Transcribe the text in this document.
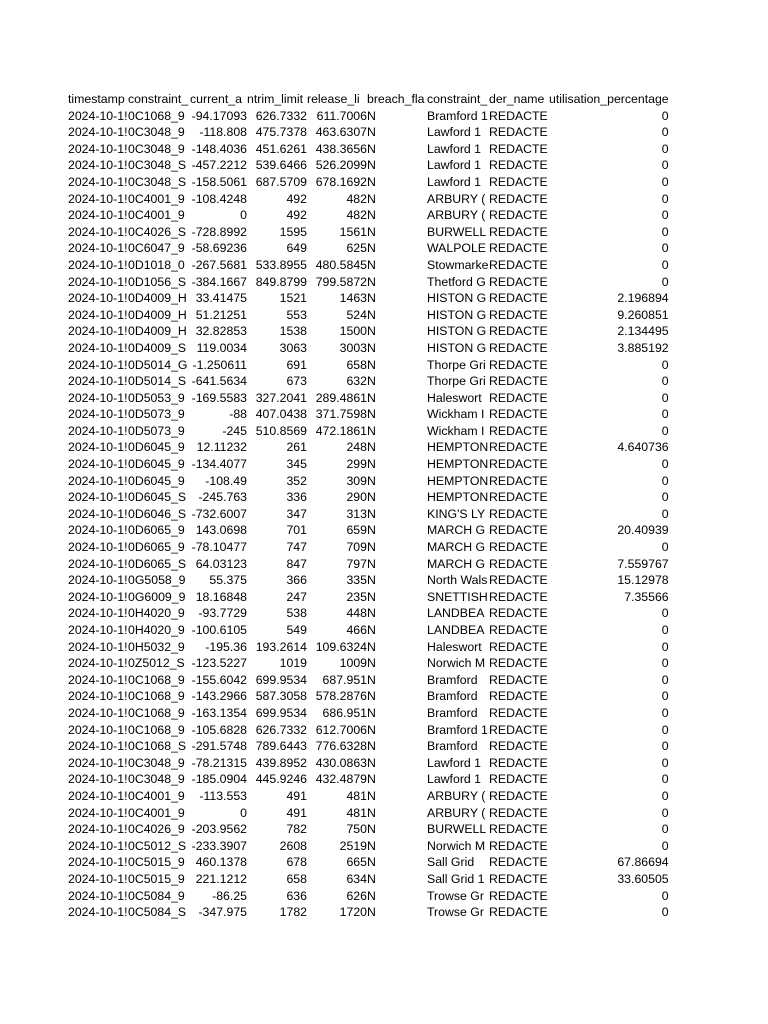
timestamp	constraint_	current_a	ntrim_limit	release_li	breach_fla	constraint_	der_name	utilisation_percentage
2024-10-1!	0C1068_9	-94.17093	626.7332	611.7006	N	Bramford 1	REDACTE	0
2024-10-1!	0C3048_9	-118.808	475.7378	463.6307	N	Lawford 1	REDACTE	0
2024-10-1!	0C3048_9	-148.4036	451.6261	438.3656	N	Lawford 1	REDACTE	0
2024-10-1!	0C3048_S	-457.2212	539.6466	526.2099	N	Lawford 1	REDACTE	0
2024-10-1!	0C3048_S	-158.5061	687.5709	678.1692	N	Lawford 1	REDACTE	0
2024-10-1!	0C4001_9	-108.4248	492	482	N	ARBURY (	REDACTE	0
2024-10-1!	0C4001_9	0	492	482	N	ARBURY (	REDACTE	0
2024-10-1!	0C4026_S	-728.8992	1595	1561	N	BURWELL	REDACTE	0
2024-10-1!	0C6047_9	-58.69236	649	625	N	WALPOLE	REDACTE	0
2024-10-1!	0D1018_0	-267.5681	533.8955	480.5845	N	Stowmarke	REDACTE	0
2024-10-1!	0D1056_S	-384.1667	849.8799	799.5872	N	Thetford G	REDACTE	0
2024-10-1!	0D4009_H	33.41475	1521	1463	N	HISTON G	REDACTE	2.196894
2024-10-1!	0D4009_H	51.21251	553	524	N	HISTON G	REDACTE	9.260851
2024-10-1!	0D4009_H	32.82853	1538	1500	N	HISTON G	REDACTE	2.134495
2024-10-1!	0D4009_S	119.0034	3063	3003	N	HISTON G	REDACTE	3.885192
2024-10-1!	0D5014_G	-1.250611	691	658	N	Thorpe Gri	REDACTE	0
2024-10-1!	0D5014_S	-641.5634	673	632	N	Thorpe Gri	REDACTE	0
2024-10-1!	0D5053_9	-169.5583	327.2041	289.4861	N	Haleswort	REDACTE	0
2024-10-1!	0D5073_9	-88	407.0438	371.7598	N	Wickham I	REDACTE	0
2024-10-1!	0D5073_9	-245	510.8569	472.1861	N	Wickham I	REDACTE	0
2024-10-1!	0D6045_9	12.11232	261	248	N	HEMPTON	REDACTE	4.640736
2024-10-1!	0D6045_9	-134.4077	345	299	N	HEMPTON	REDACTE	0
2024-10-1!	0D6045_9	-108.49	352	309	N	HEMPTON	REDACTE	0
2024-10-1!	0D6045_S	-245.763	336	290	N	HEMPTON	REDACTE	0
2024-10-1!	0D6046_S	-732.6007	347	313	N	KING'S LY	REDACTE	0
2024-10-1!	0D6065_9	143.0698	701	659	N	MARCH G	REDACTE	20.40939
2024-10-1!	0D6065_9	-78.10477	747	709	N	MARCH G	REDACTE	0
2024-10-1!	0D6065_S	64.03123	847	797	N	MARCH G	REDACTE	7.559767
2024-10-1!	0G5058_9	55.375	366	335	N	North Wals	REDACTE	15.12978
2024-10-1!	0G6009_9	18.16848	247	235	N	SNETTISH	REDACTE	7.35566
2024-10-1!	0H4020_9	-93.7729	538	448	N	LANDBEA	REDACTE	0
2024-10-1!	0H4020_9	-100.6105	549	466	N	LANDBEA	REDACTE	0
2024-10-1!	0H5032_9	-195.36	193.2614	109.6324	N	Haleswort	REDACTE	0
2024-10-1!	0Z5012_S	-123.5227	1019	1009	N	Norwich M	REDACTE	0
2024-10-1!	0C1068_9	-155.6042	699.9534	687.951	N	Bramford	REDACTE	0
2024-10-1!	0C1068_9	-143.2966	587.3058	578.2876	N	Bramford	REDACTE	0
2024-10-1!	0C1068_9	-163.1354	699.9534	686.951	N	Bramford	REDACTE	0
2024-10-1!	0C1068_9	-105.6828	626.7332	612.7006	N	Bramford 1	REDACTE	0
2024-10-1!	0C1068_S	-291.5748	789.6443	776.6328	N	Bramford	REDACTE	0
2024-10-1!	0C3048_9	-78.21315	439.8952	430.0863	N	Lawford 1	REDACTE	0
2024-10-1!	0C3048_9	-185.0904	445.9246	432.4879	N	Lawford 1	REDACTE	0
2024-10-1!	0C4001_9	-113.553	491	481	N	ARBURY (	REDACTE	0
2024-10-1!	0C4001_9	0	491	481	N	ARBURY (	REDACTE	0
2024-10-1!	0C4026_9	-203.9562	782	750	N	BURWELL	REDACTE	0
2024-10-1!	0C5012_S	-233.3907	2608	2519	N	Norwich M	REDACTE	0
2024-10-1!	0C5015_9	460.1378	678	665	N	Sall Grid	REDACTE	67.86694
2024-10-1!	0C5015_9	221.1212	658	634	N	Sall Grid 1	REDACTE	33.60505
2024-10-1!	0C5084_9	-86.25	636	626	N	Trowse Gr	REDACTE	0
2024-10-1!	0C5084_S	-347.975	1782	1720	N	Trowse Gr	REDACTE	0
